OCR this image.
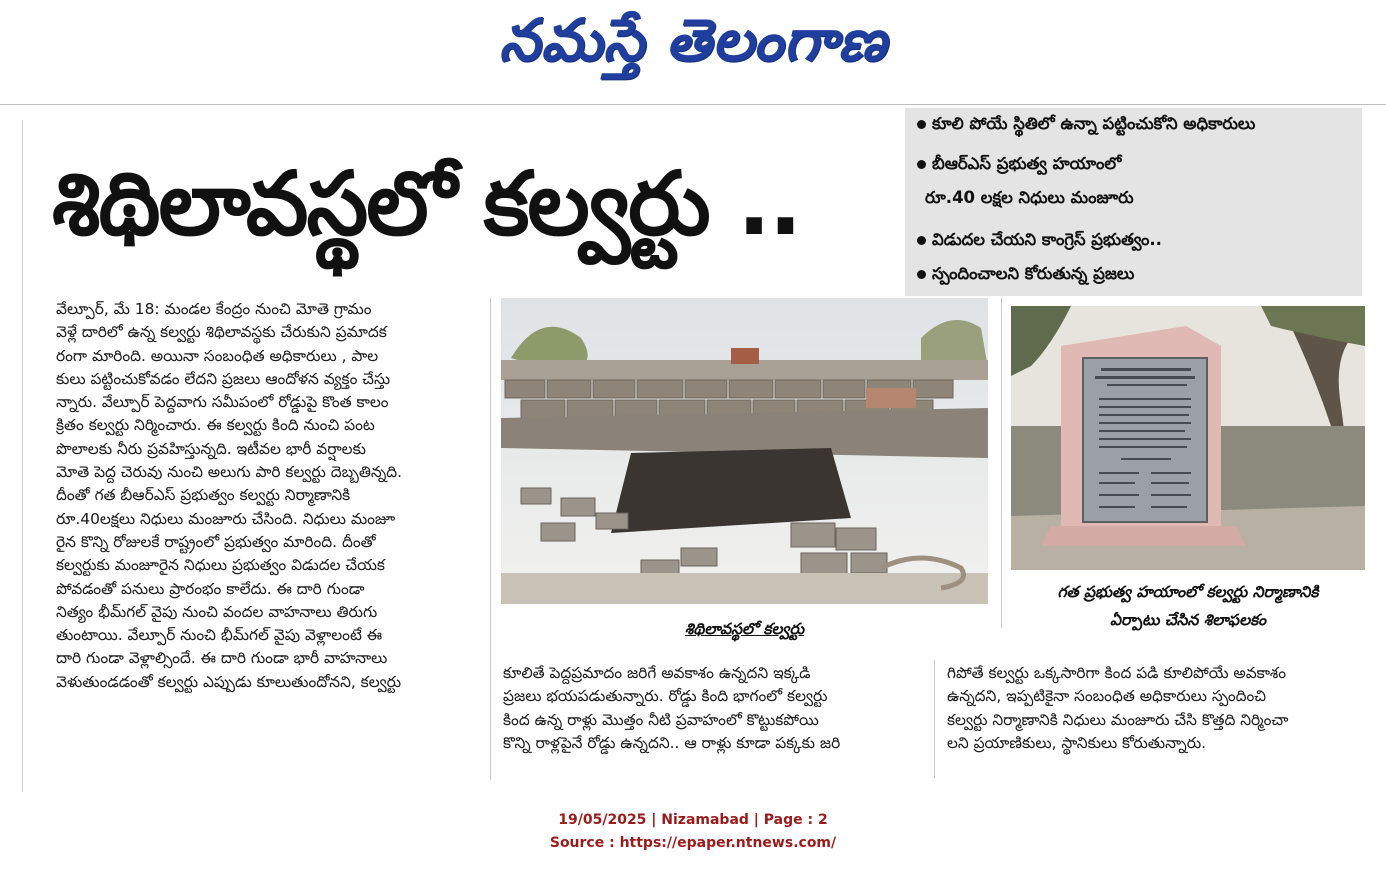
నమస్తే తెలంగాణ
శిథిలావస్థలో కల్వర్టు ..
కూలి పోయే స్థితిలో ఉన్నా పట్టించుకోని అధికారులు
బీఆర్ఎస్ ప్రభుత్వ హయాంలో
రూ.40 లక్షల నిధులు మంజూరు
విడుదల చేయని కాంగ్రెస్ ప్రభుత్వం..
స్పందించాలని కోరుతున్న ప్రజలు
వేల్పూర్, మే 18: మండల కేంద్రం నుంచి మోతె గ్రామం
వెళ్లే దారిలో ఉన్న కల్వర్టు శిథిలావస్థకు చేరుకుని ప్రమాదక
రంగా మారింది. అయినా సంబంధిత అధికారులు , పాల
కులు పట్టించుకోవడం లేదని ప్రజలు ఆందోళన వ్యక్తం చేస్తు
న్నారు. వేల్పూర్ పెద్దవాగు సమీపంలో రోడ్డుపై కొంత కాలం
క్రితం కల్వర్టు నిర్మించారు. ఈ కల్వర్టు కింది నుంచి పంట
పొలాలకు నీరు ప్రవహిస్తున్నది. ఇటీవల భారీ వర్షాలకు
మోతె పెద్ద చెరువు నుంచి అలుగు పారి కల్వర్టు దెబ్బతిన్నది.
దీంతో గత బీఆర్ఎస్ ప్రభుత్వం కల్వర్టు నిర్మాణానికి
రూ.40లక్షలు నిధులు మంజూరు చేసింది. నిధులు మంజూ
రైన కొన్ని రోజులకే రాష్ట్రంలో ప్రభుత్వం మారింది. దీంతో
కల్వర్టుకు మంజూరైన నిధులు ప్రభుత్వం విడుదల చేయక
పోవడంతో పనులు ప్రారంభం కాలేదు. ఈ దారి గుండా
నిత్యం భీమ్‌గల్ వైపు నుంచి వందల వాహనాలు తిరుగు
తుంటాయి. వేల్పూర్ నుంచి భీమ్‌గల్ వైపు వెళ్లాలంటే ఈ
దారి గుండా వెళ్లాల్సిందే. ఈ దారి గుండా భారీ వాహనాలు
వెళుతుండడంతో కల్వర్టు ఎప్పుడు కూలుతుందోనని, కల్వర్టు
శిథిలావస్థలో కల్వర్టు
గత ప్రభుత్వ హయాంలో కల్వర్టు నిర్మాణానికి
ఏర్పాటు చేసిన శిలాఫలకం
కూలితే పెద్దప్రమాదం జరిగే అవకాశం ఉన్నదని ఇక్కడి
ప్రజలు భయపడుతున్నారు. రోడ్డు కింది భాగంలో కల్వర్టు
కింద ఉన్న రాళ్లు మొత్తం నీటి ప్రవాహంలో కొట్టుకపోయి
కొన్ని రాళ్లపైనే రోడ్డు ఉన్నదని.. ఆ రాళ్లు కూడా పక్కకు జరి
గిపోతే కల్వర్టు ఒక్కసారిగా కింద పడి కూలిపోయే అవకాశం
ఉన్నదని, ఇప్పటికైనా సంబంధిత అధికారులు స్పందించి
కల్వర్టు నిర్మాణానికి నిధులు మంజూరు చేసి కొత్తది నిర్మించా
లని ప్రయాణికులు, స్థానికులు కోరుతున్నారు.
19/05/2025 | Nizamabad | Page : 2
Source : https://epaper.ntnews.com/
